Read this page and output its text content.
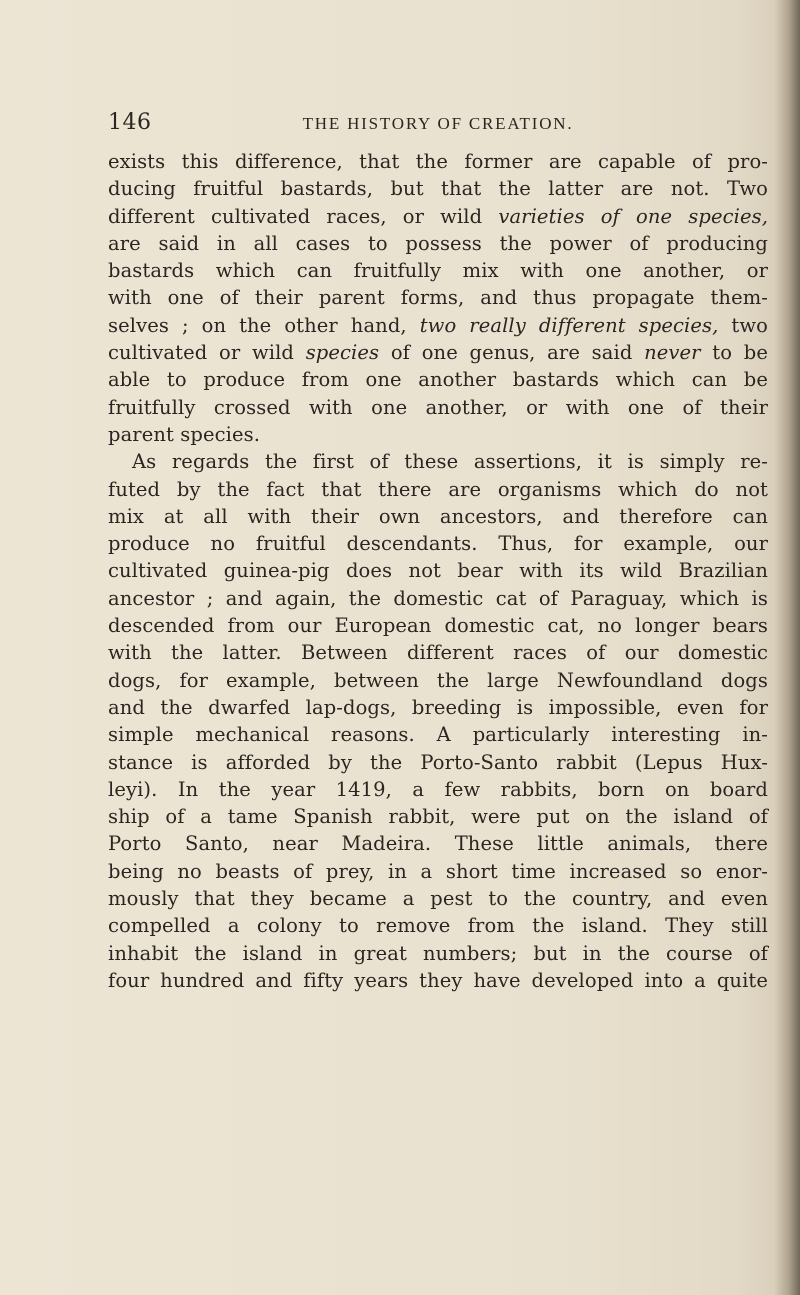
146	THE HISTORY OF CREATION.
exists this difference, that the former are capable of pro-
ducing fruitful bastards, but that the latter are not. Two
different cultivated races, or wild varieties of one species,
are said in all cases to possess the power of producing
bastards which can fruitfully mix with one another, or
with one of their parent forms, and thus propagate them-
selves ; on the other hand, two really different species, two
cultivated or wild species of one genus, are said never to be
able to produce from one another bastards which can be
fruitfully crossed with one another, or with one of their
parent species.
As regards the first of these assertions, it is simply re-
futed by the fact that there are organisms which do not
mix at all with their own ancestors, and therefore can
produce no fruitful descendants. Thus, for example, our
cultivated guinea-pig does not bear with its wild Brazilian
ancestor ; and again, the domestic cat of Paraguay, which is
descended from our European domestic cat, no longer bears
with the latter. Between different races of our domestic
dogs, for example, between the large Newfoundland dogs
and the dwarfed lap-dogs, breeding is impossible, even for
simple mechanical reasons. A particularly interesting in-
stance is afforded by the Porto-Santo rabbit (Lepus Hux-
leyi). In the year 1419, a few rabbits, born on board
ship of a tame Spanish rabbit, were put on the island of
Porto Santo, near Madeira. These little animals, there
being no beasts of prey, in a short time increased so enor-
mously that they became a pest to the country, and even
compelled a colony to remove from the island. They still
inhabit the island in great numbers; but in the course of
four hundred and fifty years they have developed into a quite
